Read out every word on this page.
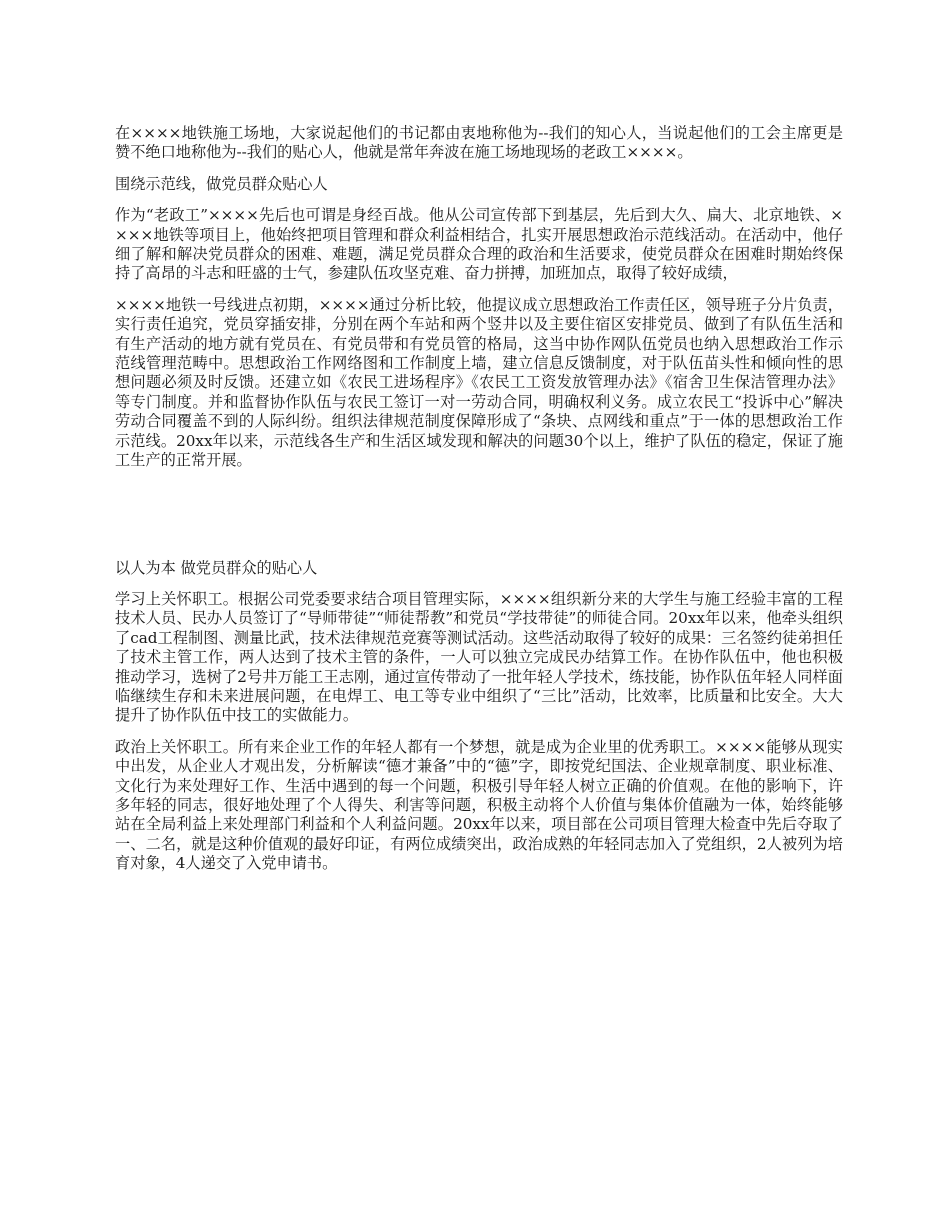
在××××地铁施工场地，大家说起他们的书记都由衷地称他为--我们的知心人，当说起他们的工会主席更是赞不绝口地称他为--我们的贴心人，他就是常年奔波在施工场地现场的老政工××××。

围绕示范线，做党员群众贴心人

作为“老政工”××××先后也可谓是身经百战。他从公司宣传部下到基层，先后到大久、扁大、北京地铁、××××地铁等项目上，他始终把项目管理和群众利益相结合，扎实开展思想政治示范线活动。在活动中，他仔细了解和解决党员群众的困难、难题，满足党员群众合理的政治和生活要求，使党员群众在困难时期始终保持了高昂的斗志和旺盛的士气，参建队伍攻坚克难、奋力拼搏，加班加点，取得了较好成绩，

××××地铁一号线进点初期，××××通过分析比较，他提议成立思想政治工作责任区，领导班子分片负责，实行责任追究，党员穿插安排，分别在两个车站和两个竖井以及主要住宿区安排党员、做到了有队伍生活和有生产活动的地方就有党员在、有党员带和有党员管的格局，这当中协作网队伍党员也纳入思想政治工作示范线管理范畴中。思想政治工作网络图和工作制度上墙，建立信息反馈制度，对于队伍苗头性和倾向性的思想问题必须及时反馈。还建立如《农民工进场程序》《农民工工资发放管理办法》《宿舍卫生保洁管理办法》等专门制度。并和监督协作队伍与农民工签订一对一劳动合同，明确权利义务。成立农民工“投诉中心”解决劳动合同覆盖不到的人际纠纷。组织法律规范制度保障形成了“条块、点网线和重点”于一体的思想政治工作示范线。20xx年以来，示范线各生产和生活区域发现和解决的问题30个以上，维护了队伍的稳定，保证了施工生产的正常开展。

以人为本 做党员群众的贴心人

学习上关怀职工。根据公司党委要求结合项目管理实际，××××组织新分来的大学生与施工经验丰富的工程技术人员、民办人员签订了“导师带徒”“师徒帮教”和党员“学技带徒”的师徒合同。20xx年以来，他牵头组织了cad工程制图、测量比武，技术法律规范竞赛等测试活动。这些活动取得了较好的成果：三名签约徒弟担任了技术主管工作，两人达到了技术主管的条件，一人可以独立完成民办结算工作。在协作队伍中，他也积极推动学习，选树了2号井万能工王志刚，通过宣传带动了一批年轻人学技术，练技能，协作队伍年轻人同样面临继续生存和未来进展问题，在电焊工、电工等专业中组织了“三比”活动，比效率，比质量和比安全。大大提升了协作队伍中技工的实做能力。

政治上关怀职工。所有来企业工作的年轻人都有一个梦想，就是成为企业里的优秀职工。××××能够从现实中出发，从企业人才观出发，分析解读“德才兼备”中的“德”字，即按党纪国法、企业规章制度、职业标准、文化行为来处理好工作、生活中遇到的每一个问题，积极引导年轻人树立正确的价值观。在他的影响下，许多年轻的同志，很好地处理了个人得失、利害等问题，积极主动将个人价值与集体价值融为一体，始终能够站在全局利益上来处理部门利益和个人利益问题。20xx年以来，项目部在公司项目管理大检查中先后夺取了一、二名，就是这种价值观的最好印证，有两位成绩突出，政治成熟的年轻同志加入了党组织，2人被列为培育对象，4人递交了入党申请书。
